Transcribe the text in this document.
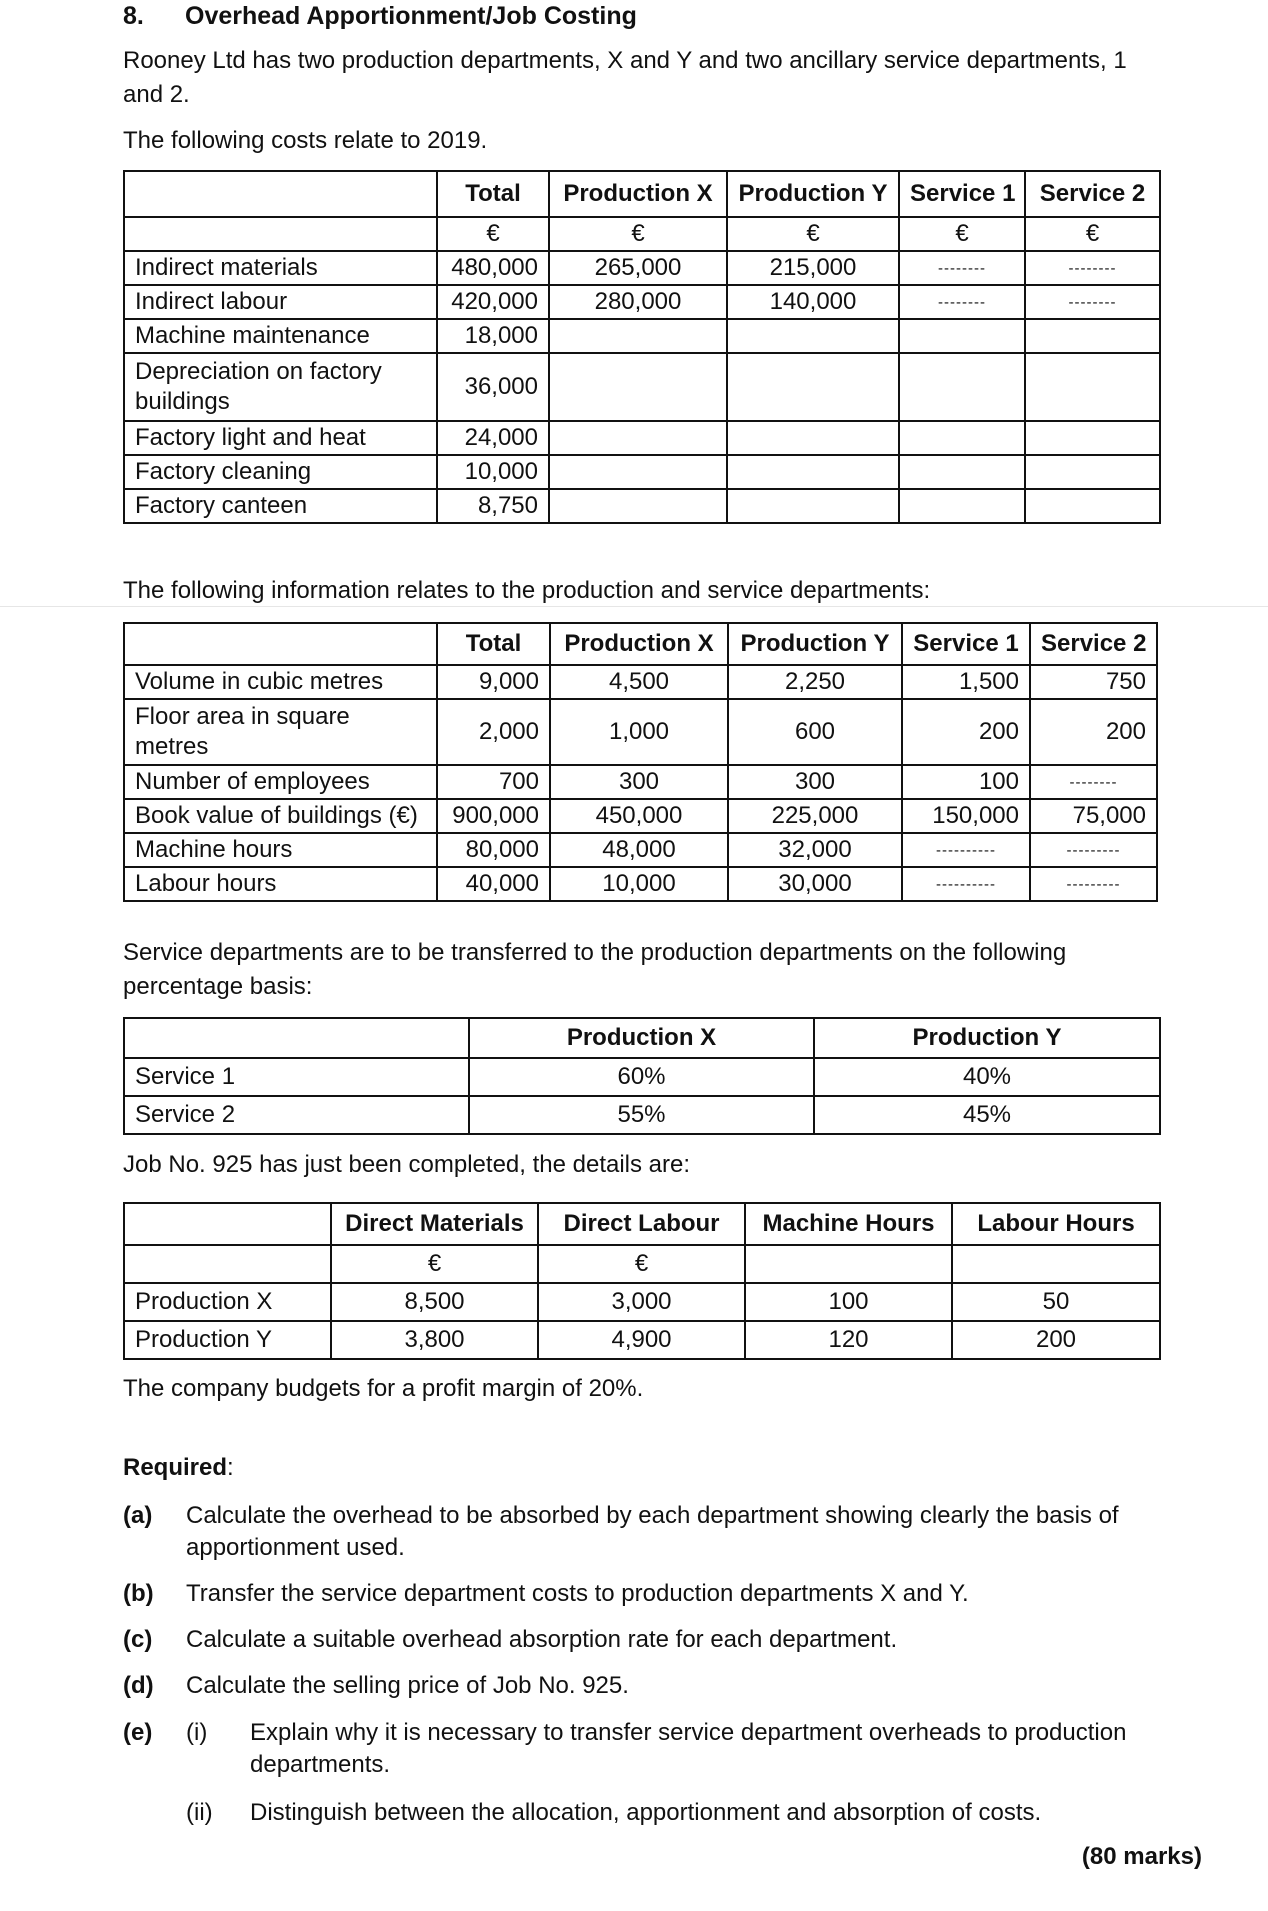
8. Overhead Apportionment/Job Costing
Rooney Ltd has two production departments, X and Y and two ancillary service departments, 1 and 2.
The following costs relate to 2019.
	Total	Production X	Production Y	Service 1	Service 2
	€	€	€	€	€
Indirect materials	480,000	265,000	215,000	--------	--------
Indirect labour	420,000	280,000	140,000	--------	--------
Machine maintenance	18,000				
Depreciation on factory buildings	36,000				
Factory light and heat	24,000				
Factory cleaning	10,000				
Factory canteen	8,750				
The following information relates to the production and service departments:
	Total	Production X	Production Y	Service 1	Service 2
Volume in cubic metres	9,000	4,500	2,250	1,500	750
Floor area in square metres	2,000	1,000	600	200	200
Number of employees	700	300	300	100	--------
Book value of buildings (€)	900,000	450,000	225,000	150,000	75,000
Machine hours	80,000	48,000	32,000	----------	---------
Labour hours	40,000	10,000	30,000	----------	---------
Service departments are to be transferred to the production departments on the following percentage basis:
	Production X	Production Y
Service 1	60%	40%
Service 2	55%	45%
Job No. 925 has just been completed, the details are:
	Direct Materials	Direct Labour	Machine Hours	Labour Hours
	€	€		
Production X	8,500	3,000	100	50
Production Y	3,800	4,900	120	200
The company budgets for a profit margin of 20%.
Required:
(a) Calculate the overhead to be absorbed by each department showing clearly the basis of apportionment used.
(b) Transfer the service department costs to production departments X and Y.
(c) Calculate a suitable overhead absorption rate for each department.
(d) Calculate the selling price of Job No. 925.
(e) (i) Explain why it is necessary to transfer service department overheads to production departments.
(ii) Distinguish between the allocation, apportionment and absorption of costs.
(80 marks)
